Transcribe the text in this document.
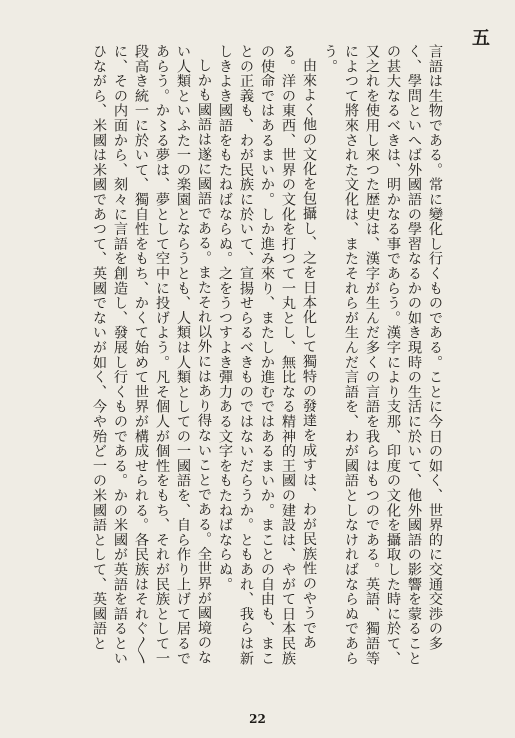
五

言語は生物である。常に變化し行くものである。ことに今日の如く、世界的に交通交渉の多く、學問といへば外國語の學習なるかの如き現時の生活に於いて、他外國語の影響を蒙ることの甚大なるべきは、明かなる事であらう。漢字により支那、印度の文化を攝取した時に於て、又之れを使用し來つた歴史は、漢字が生んだ多くの言語を我らはもつのである。英語、獨語等によつて將來された文化は、またそれらが生んだ言語を、わが國語としなければならぬであらう。

由來よく他の文化を包攝し、之を日本化して獨特の發達を成すは、わが民族性のやうである。洋の東西、世界の文化を打つて一丸とし、無比なる精神的王國の建設は、やがて日本民族の使命ではあるまいか。しか進み來り、またしか進むではあるまいか。まことの自由も、まことの正義も、わが民族に於いて、宣揚せらるべきものではないだらうか。ともあれ、我らは新しきよき國語をもたねばならぬ。之をうつすよき彈力ある文字をもたねばならぬ。

しかも國語は遂に國語である。またそれ以外にはあり得ないことである。全世界が國境のない人類といふた一の楽園とならうとも、人類は人類としての一國語を、自ら作り上げて居るであらう。か〻る夢は、夢として空中に投げよう。凡そ個人が個性をもち、それが民族として一段高き統一に於いて、獨自性をもち、かくて始めて世界が構成せられる。各民族はそれぐ〳〵に、その内面から、刻々に言語を創造し、發展し行くものである。かの米國が英語を語るといひながら、米國は米國であつて、英國でないが如く、今や殆ど一の米國語として、英國語と

22
